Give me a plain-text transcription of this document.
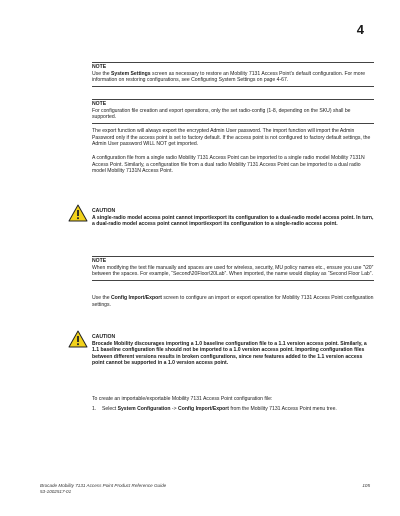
4
NOTE
Use the System Settings screen as necessary to restore an Mobility 7131 Access Point’s default configuration. For more information on restoring configurations, see Configuring System Settings on page 4-67.
NOTE
For configuration file creation and export operations, only the set radio-config (1-8, depending on the SKU) shall be supported.
The export function will always export the encrypted Admin User password. The import function will import the Admin Password only if the access point is set to factory default. If the access point is not configured to factory default settings, the Admin User password WILL NOT get imported.
A configuration file from a single radio Mobility 7131 Access Point can be imported to a single radio model Mobility 7131N Access Point. Similarly, a configuration file from a dual radio Mobility 7131 Access Point can be imported to a dual radio model Mobility 7131N Access Point.
CAUTION
A single-radio model access point cannot import/export its configuration to a dual-radio model access point. In turn, a dual-radio model access point cannot import/export its configuration to a single-radio access point.
NOTE
When modifying the text file manually and spaces are used for wireless, security, MU policy names etc., ensure you use “\20” between the spaces. For example, “Second\20Floor\20Lab”. When imported, the name would display as “Second Floor Lab”.
Use the Config Import/Export screen to configure an import or export operation for Mobility 7131 Access Point configuration settings.
CAUTION
Brocade Mobility discourages importing a 1.0 baseline configuration file to a 1.1 version access point. Similarly, a 1.1 baseline configuration file should not be imported to a 1.0 version access point. Importing configuration files between different versions results in broken configurations, since new features added to the 1.1 version access point cannot be supported in a 1.0 version access point.
To create an importable/exportable Mobility 7131 Access Point configuration file:
1. Select System Configuration -> Config Import/Export from the Mobility 7131 Access Point menu tree.
Brocade Mobility 7131 Access Point Product Reference Guide
53-1002517-01
105
